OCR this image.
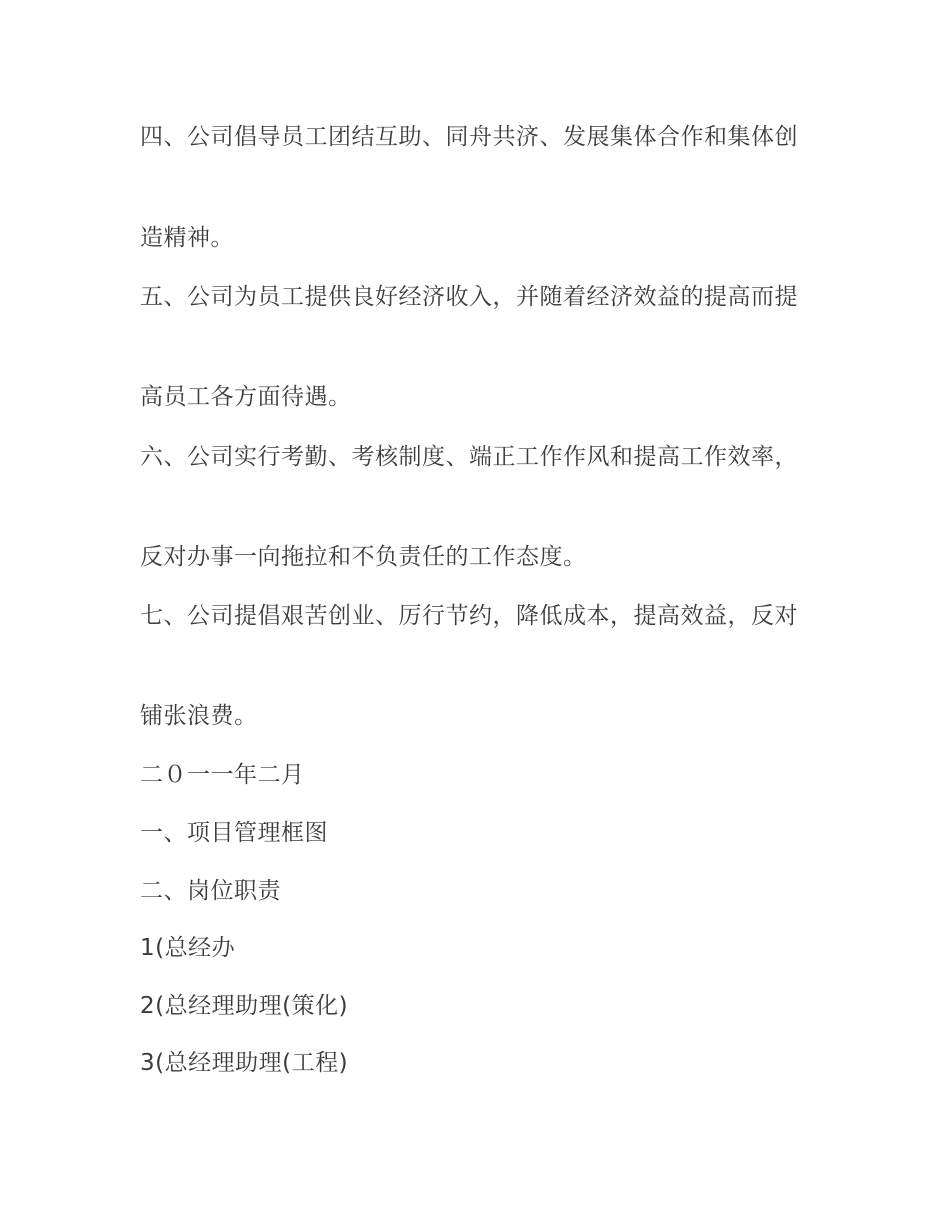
四、公司倡导员工团结互助、同舟共济、发展集体合作和集体创

造精神。

五、公司为员工提供良好经济收入，并随着经济效益的提高而提

高员工各方面待遇。

六、公司实行考勤、考核制度、端正工作作风和提高工作效率，

反对办事一向拖拉和不负责任的工作态度。

七、公司提倡艰苦创业、厉行节约，降低成本，提高效益，反对

铺张浪费。

二０一一年二月

一、项目管理框图

二、岗位职责

1(总经办

2(总经理助理(策化)

3(总经理助理(工程)
